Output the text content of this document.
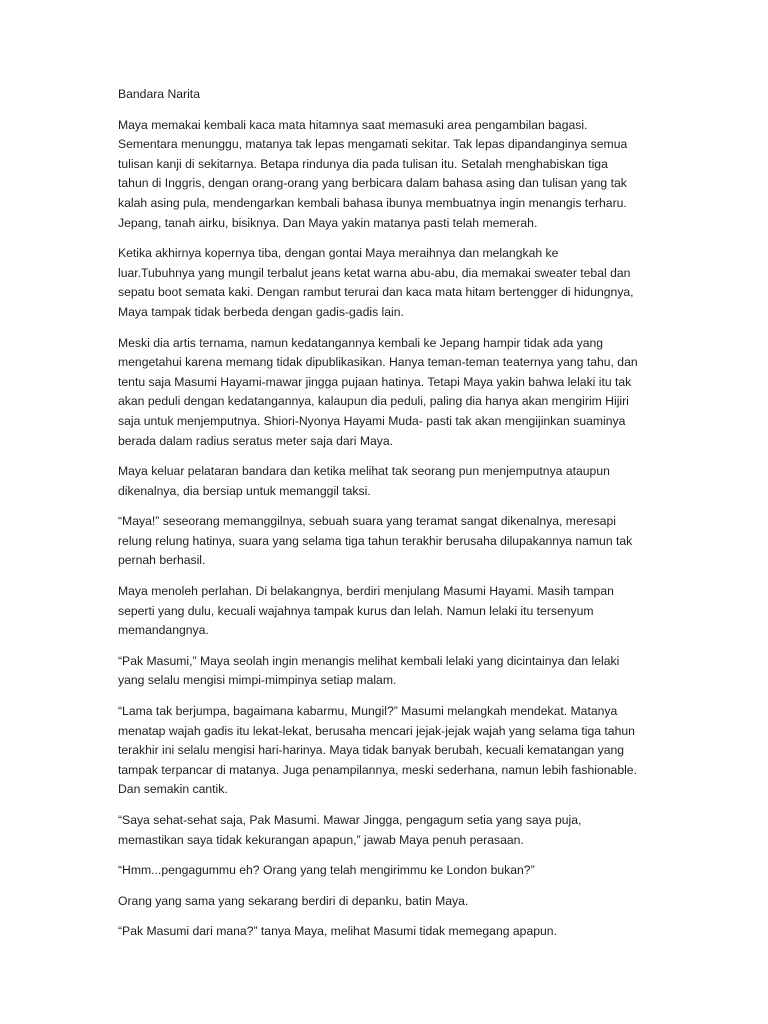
Bandara Narita

Maya memakai kembali kaca mata hitamnya saat memasuki area pengambilan bagasi. Sementara menunggu, matanya tak lepas mengamati sekitar. Tak lepas dipandanginya semua tulisan kanji di sekitarnya. Betapa rindunya dia pada tulisan itu. Setalah menghabiskan tiga tahun di Inggris, dengan orang-orang yang berbicara dalam bahasa asing dan tulisan yang tak kalah asing pula, mendengarkan kembali bahasa ibunya membuatnya ingin menangis terharu. Jepang, tanah airku, bisiknya. Dan Maya yakin matanya pasti telah memerah.

Ketika akhirnya kopernya tiba, dengan gontai Maya meraihnya dan melangkah ke luar.Tubuhnya yang mungil terbalut jeans ketat warna abu-abu, dia memakai sweater tebal dan sepatu boot semata kaki. Dengan rambut terurai dan kaca mata hitam bertengger di hidungnya, Maya tampak tidak berbeda dengan gadis-gadis lain.

Meski dia artis ternama, namun kedatangannya kembali ke Jepang hampir tidak ada yang mengetahui karena memang tidak dipublikasikan. Hanya teman-teman teaternya yang tahu, dan tentu saja Masumi Hayami-mawar jingga pujaan hatinya. Tetapi Maya yakin bahwa lelaki itu tak akan peduli dengan kedatangannya, kalaupun dia peduli, paling dia hanya akan mengirim Hijiri saja untuk menjemputnya. Shiori-Nyonya Hayami Muda- pasti tak akan mengijinkan suaminya berada dalam radius seratus meter saja dari Maya.

Maya keluar pelataran bandara dan ketika melihat tak seorang pun menjemputnya ataupun dikenalnya, dia bersiap untuk memanggil taksi.

“Maya!” seseorang memanggilnya, sebuah suara yang teramat sangat dikenalnya, meresapi relung relung hatinya, suara yang selama tiga tahun terakhir berusaha dilupakannya namun tak pernah berhasil.

Maya menoleh perlahan. Di belakangnya, berdiri menjulang Masumi Hayami. Masih tampan seperti yang dulu, kecuali wajahnya tampak kurus dan lelah. Namun lelaki itu tersenyum memandangnya.

“Pak Masumi,” Maya seolah ingin menangis melihat kembali lelaki yang dicintainya dan lelaki yang selalu mengisi mimpi-mimpinya setiap malam.

“Lama tak berjumpa, bagaimana kabarmu, Mungil?” Masumi melangkah mendekat. Matanya menatap wajah gadis itu lekat-lekat, berusaha mencari jejak-jejak wajah yang selama tiga tahun terakhir ini selalu mengisi hari-harinya. Maya tidak banyak berubah, kecuali kematangan yang tampak terpancar di matanya. Juga penampilannya, meski sederhana, namun lebih fashionable. Dan semakin cantik.

“Saya sehat-sehat saja, Pak Masumi. Mawar Jingga, pengagum setia yang saya puja, memastikan saya tidak kekurangan apapun,” jawab Maya penuh perasaan.

“Hmm...pengagummu eh? Orang yang telah mengirimmu ke London bukan?”

Orang yang sama yang sekarang berdiri di depanku, batin Maya.

“Pak Masumi dari mana?” tanya Maya, melihat Masumi tidak memegang apapun.
